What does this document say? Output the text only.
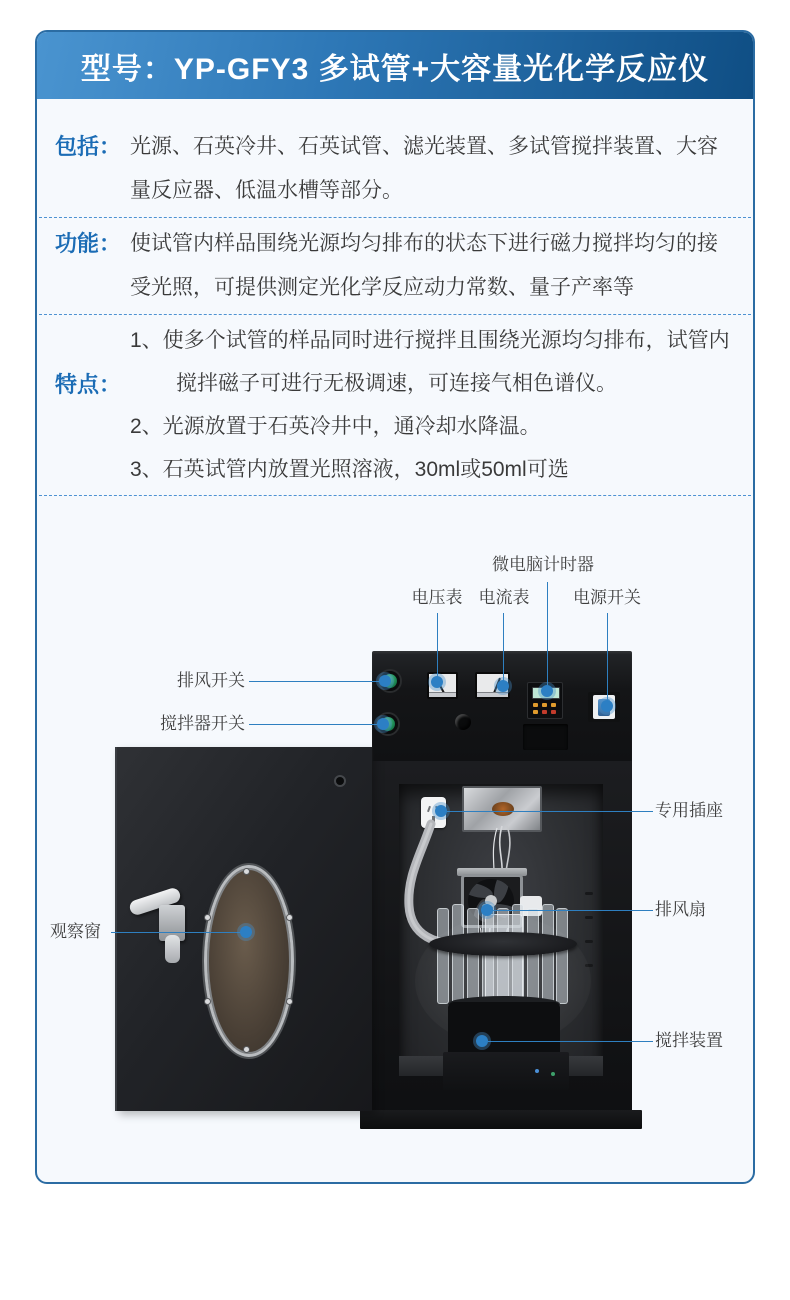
型号：YP-GFY3 多试管+大容量光化学反应仪
包括： 光源、石英冷井、石英试管、滤光装置、多试管搅拌装置、大容量反应器、低温水槽等部分。
功能： 使试管内样品围绕光源均匀排布的状态下进行磁力搅拌均匀的接受光照，可提供测定光化学反应动力常数、量子产率等
特点：

1、使多个试管的样品同时进行搅拌且围绕光源均匀排布，试管内搅拌磁子可进行无极调速，可连接气相色谱仪。

2、光源放置于石英冷井中，通冷却水降温。

3、石英试管内放置光照溶液，30ml或50ml可选

微电脑计时器
电压表 电流表	电源开关
排风开关
搅拌器开关
观察窗
专用插座
排风扇
搅拌装置
